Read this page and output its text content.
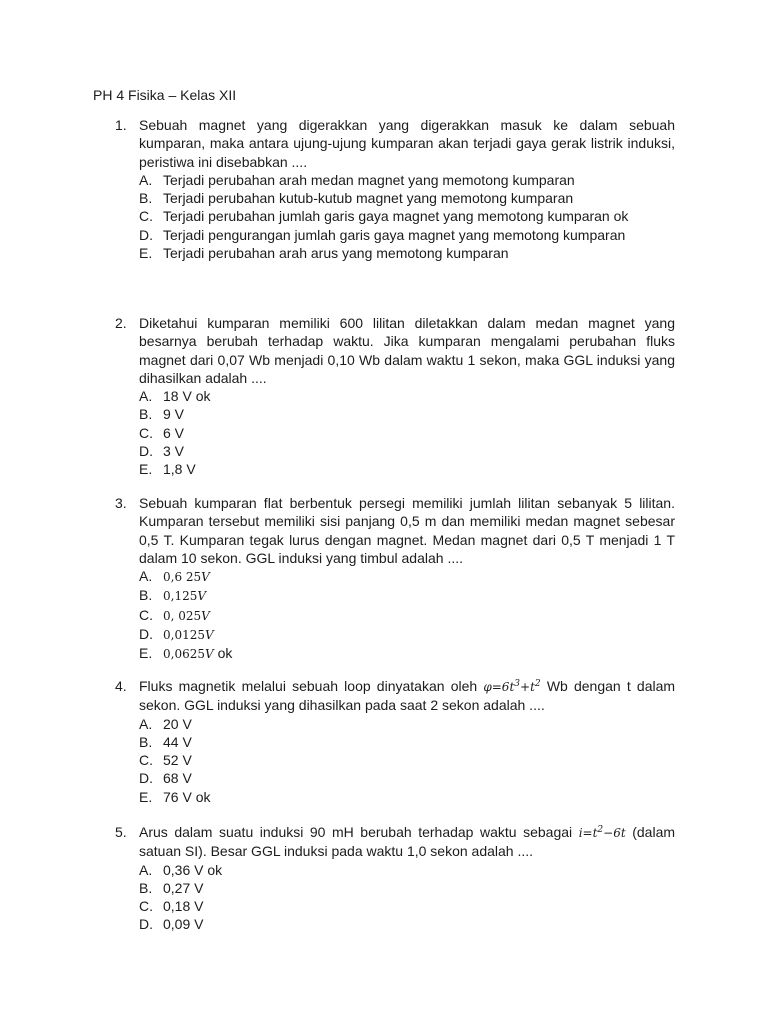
PH 4 Fisika – Kelas XII
1. Sebuah magnet yang digerakkan yang digerakkan masuk ke dalam sebuah kumparan, maka antara ujung-ujung kumparan akan terjadi gaya gerak listrik induksi, peristiwa ini disebabkan ....
A. Terjadi perubahan arah medan magnet yang memotong kumparan
B. Terjadi perubahan kutub-kutub magnet yang memotong kumparan
C. Terjadi perubahan jumlah garis gaya magnet yang memotong kumparan ok
D. Terjadi pengurangan jumlah garis gaya magnet yang memotong kumparan
E. Terjadi perubahan arah arus yang memotong kumparan
2. Diketahui kumparan memiliki 600 lilitan diletakkan dalam medan magnet yang besarnya berubah terhadap waktu. Jika kumparan mengalami perubahan fluks magnet dari 0,07 Wb menjadi 0,10 Wb dalam waktu 1 sekon, maka GGL induksi yang dihasilkan adalah ....
A. 18 V ok
B. 9 V
C. 6 V
D. 3 V
E. 1,8 V
3. Sebuah kumparan flat berbentuk persegi memiliki jumlah lilitan sebanyak 5 lilitan. Kumparan tersebut memiliki sisi panjang 0,5 m dan memiliki medan magnet sebesar 0,5 T. Kumparan tegak lurus dengan magnet. Medan magnet dari 0,5 T menjadi 1 T dalam 10 sekon. GGL induksi yang timbul adalah ....
A. 0,6 25V
B. 0,125V
C. 0, 025V
D. 0,0125V
E. 0,0625V ok
4. Fluks magnetik melalui sebuah loop dinyatakan oleh $\varphi=6t^3+t^2$ Wb dengan t dalam sekon. GGL induksi yang dihasilkan pada saat 2 sekon adalah ....
A. 20 V
B. 44 V
C. 52 V
D. 68 V
E. 76 V ok
5. Arus dalam suatu induksi 90 mH berubah terhadap waktu sebagai $i=t^2-6t$ (dalam satuan SI). Besar GGL induksi pada waktu 1,0 sekon adalah ....
A. 0,36 V ok
B. 0,27 V
C. 0,18 V
D. 0,09 V
